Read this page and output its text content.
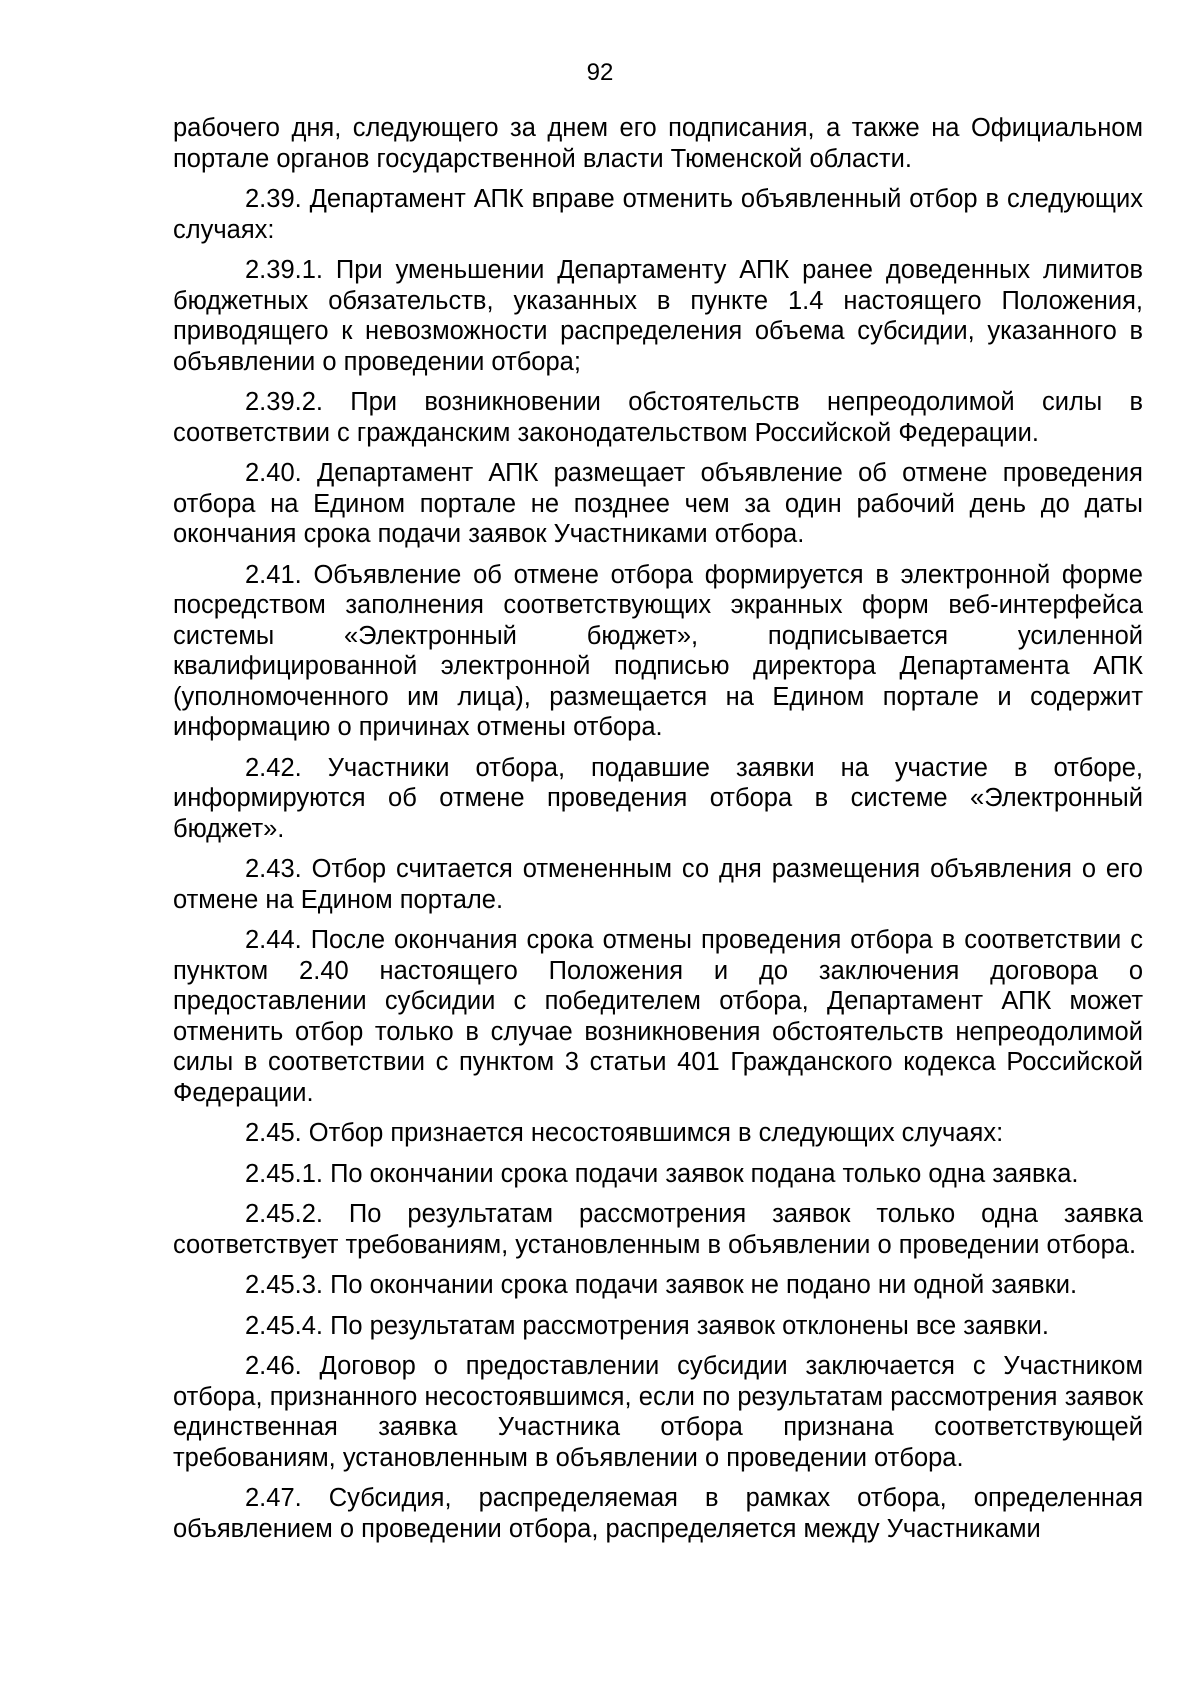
92

рабочего дня, следующего за днем его подписания, а также на Официальном портале органов государственной власти Тюменской области.

2.39. Департамент АПК вправе отменить объявленный отбор в следующих случаях:

2.39.1. При уменьшении Департаменту АПК ранее доведенных лимитов бюджетных обязательств, указанных в пункте 1.4 настоящего Положения, приводящего к невозможности распределения объема субсидии, указанного в объявлении о проведении отбора;

2.39.2. При возникновении обстоятельств непреодолимой силы в соответствии с гражданским законодательством Российской Федерации.

2.40. Департамент АПК размещает объявление об отмене проведения отбора на Едином портале не позднее чем за один рабочий день до даты окончания срока подачи заявок Участниками отбора.

2.41. Объявление об отмене отбора формируется в электронной форме посредством заполнения соответствующих экранных форм веб-интерфейса системы «Электронный бюджет», подписывается усиленной квалифицированной электронной подписью директора Департамента АПК (уполномоченного им лица), размещается на Едином портале и содержит информацию о причинах отмены отбора.

2.42. Участники отбора, подавшие заявки на участие в отборе, информируются об отмене проведения отбора в системе «Электронный бюджет».

2.43. Отбор считается отмененным со дня размещения объявления о его отмене на Едином портале.

2.44. После окончания срока отмены проведения отбора в соответствии с пунктом 2.40 настоящего Положения и до заключения договора о предоставлении субсидии с победителем отбора, Департамент АПК может отменить отбор только в случае возникновения обстоятельств непреодолимой силы в соответствии с пунктом 3 статьи 401 Гражданского кодекса Российской Федерации.

2.45. Отбор признается несостоявшимся в следующих случаях:

2.45.1. По окончании срока подачи заявок подана только одна заявка.

2.45.2. По результатам рассмотрения заявок только одна заявка соответствует требованиям, установленным в объявлении о проведении отбора.

2.45.3. По окончании срока подачи заявок не подано ни одной заявки.

2.45.4. По результатам рассмотрения заявок отклонены все заявки.

2.46. Договор о предоставлении субсидии заключается с Участником отбора, признанного несостоявшимся, если по результатам рассмотрения заявок единственная заявка Участника отбора признана соответствующей требованиям, установленным в объявлении о проведении отбора.

2.47. Субсидия, распределяемая в рамках отбора, определенная объявлением о проведении отбора, распределяется между Участниками
